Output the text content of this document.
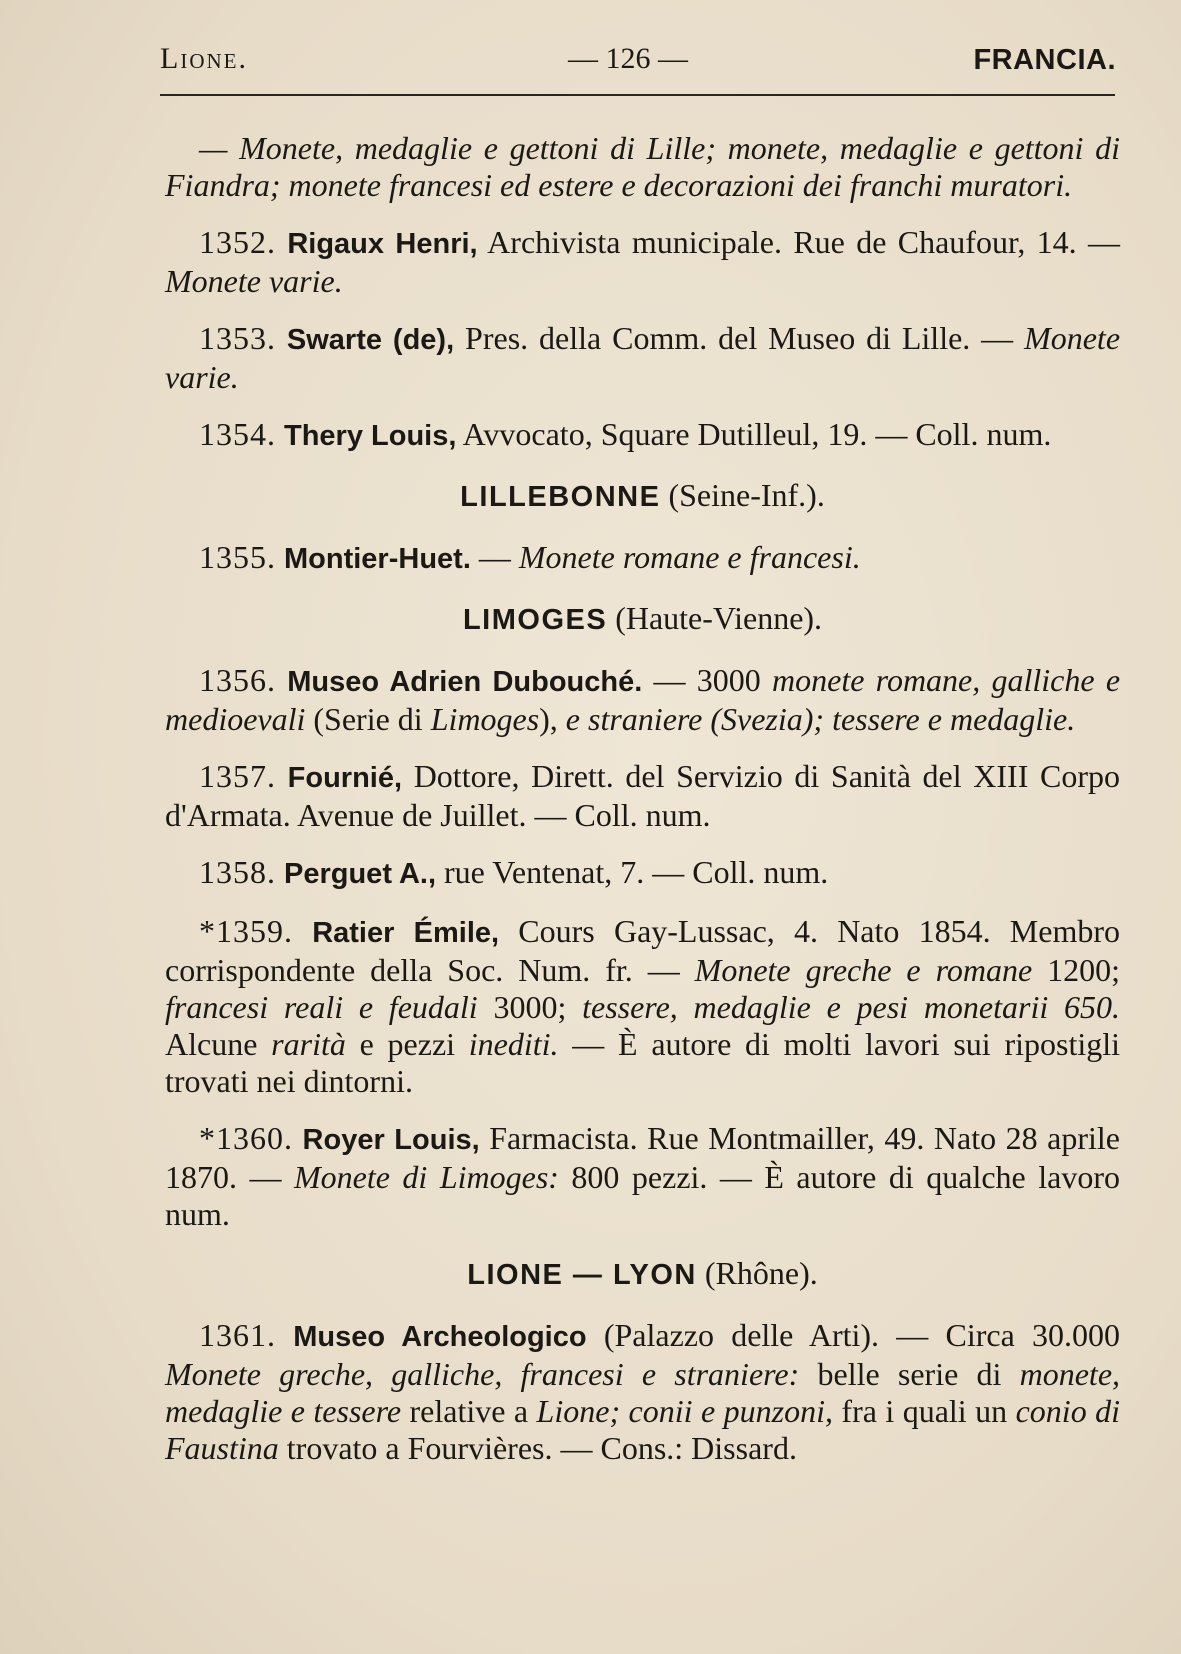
Lione.	— 126 —	FRANCIA.

— Monete, medaglie e gettoni di Lille; monete, medaglie e gettoni di Fiandra; monete francesi ed estere e decorazioni dei franchi muratori.

1352. Rigaux Henri, Archivista municipale. Rue de Chaufour, 14. — Monete varie.

1353. Swarte (de), Pres. della Comm. del Museo di Lille. — Monete varie.

1354. Thery Louis, Avvocato, Square Dutilleul, 19. — Coll. num.

LILLEBONNE (Seine-Inf.).

1355. Montier-Huet. — Monete romane e francesi.

LIMOGES (Haute-Vienne).

1356. Museo Adrien Dubouché. — 3000 monete romane, galliche e medioevali (Serie di Limoges), e straniere (Svezia); tessere e medaglie.

1357. Fournié, Dottore, Dirett. del Servizio di Sanità del XIII Corpo d'Armata. Avenue de Juillet. — Coll. num.

1358. Perguet A., rue Ventenat, 7. — Coll. num.

*1359. Ratier Émile, Cours Gay-Lussac, 4. Nato 1854. Membro corrispondente della Soc. Num. fr. — Monete greche e romane 1200; francesi reali e feudali 3000; tessere, medaglie e pesi monetarii 650. Alcune rarità e pezzi inediti. — È autore di molti lavori sui ripostigli trovati nei dintorni.

*1360. Royer Louis, Farmacista. Rue Montmailler, 49. Nato 28 aprile 1870. — Monete di Limoges: 800 pezzi. — È autore di qualche lavoro num.

LIONE — LYON (Rhône).

1361. Museo Archeologico (Palazzo delle Arti). — Circa 30.000 Monete greche, galliche, francesi e straniere: belle serie di monete, medaglie e tessere relative a Lione; conii e punzoni, fra i quali un conio di Faustina trovato a Fourvières. — Cons.: Dissard.
